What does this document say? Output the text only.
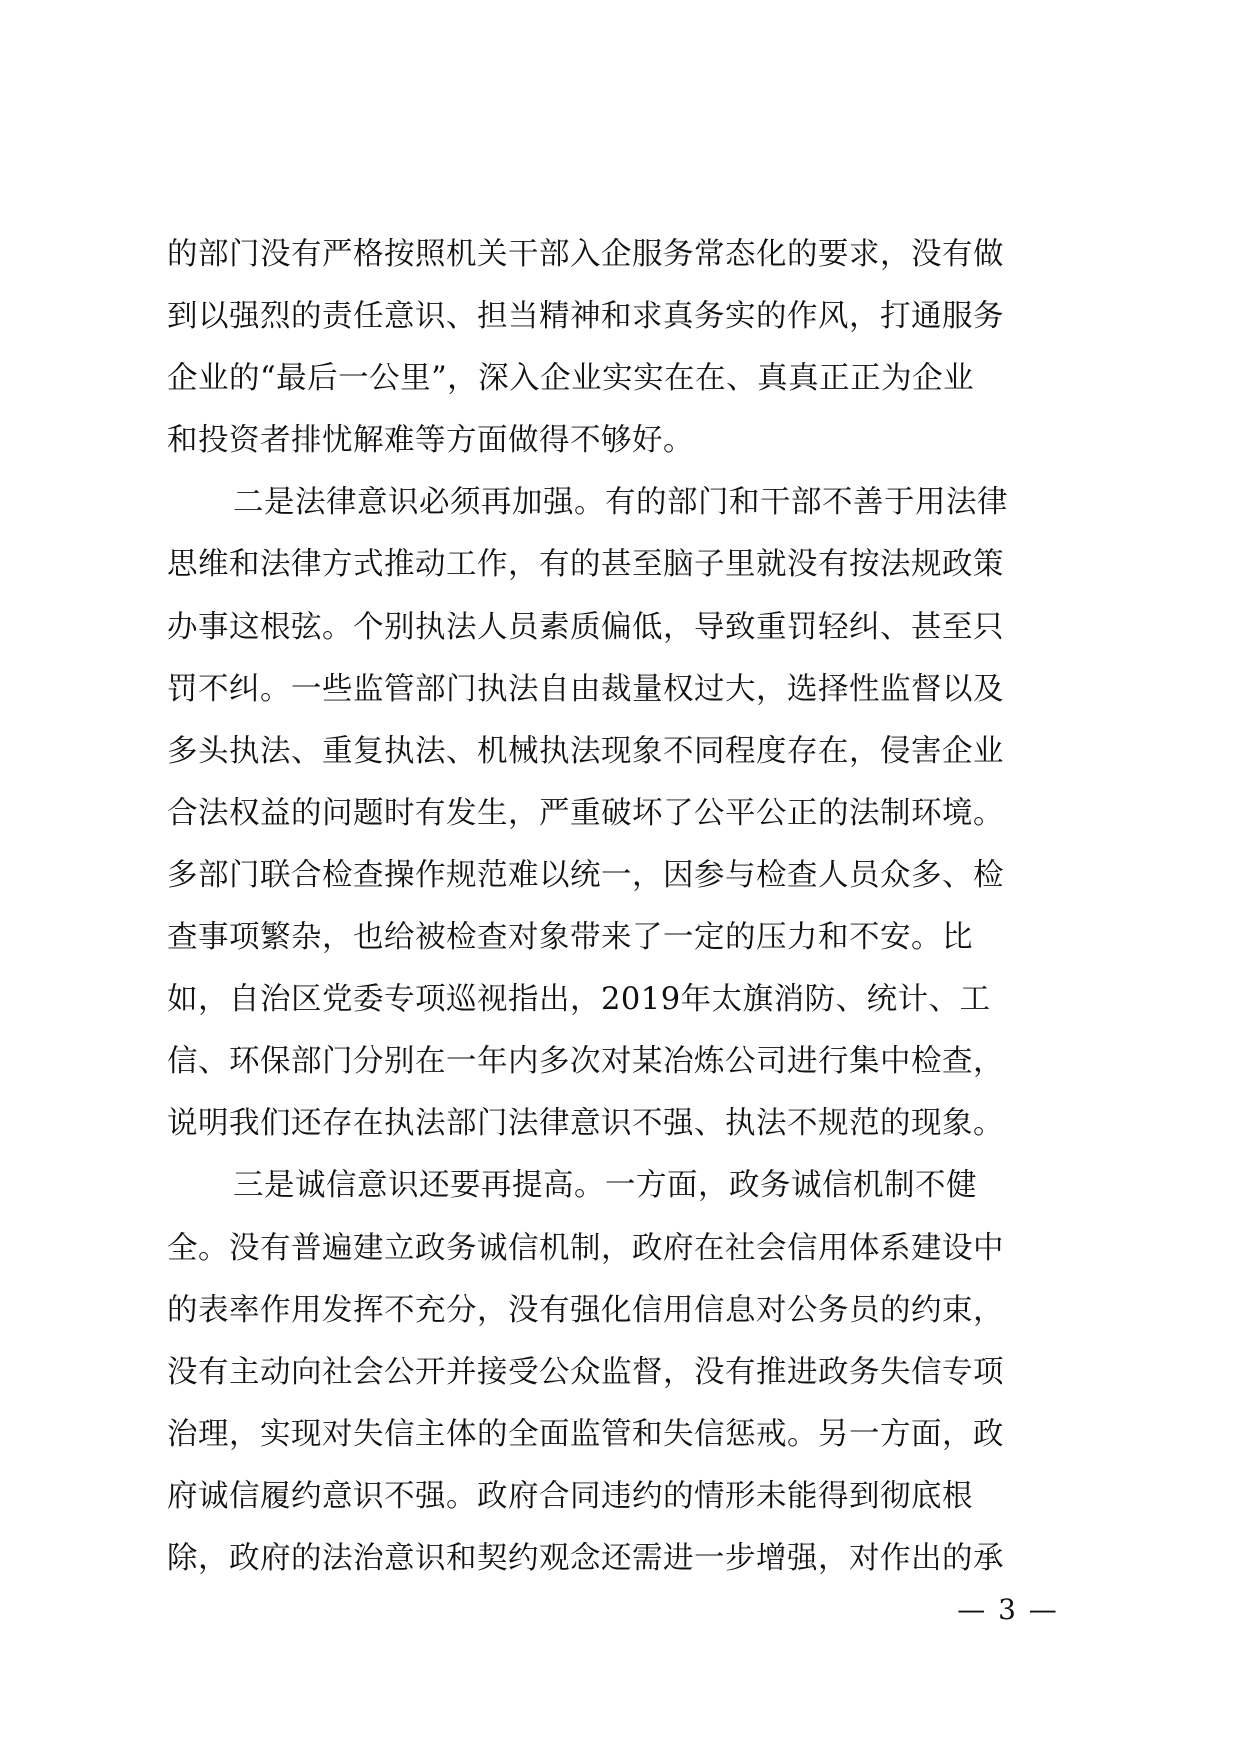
的部门没有严格按照机关干部入企服务常态化的要求，没有做
到以强烈的责任意识、担当精神和求真务实的作风，打通服务
企业的“最后一公里”，深入企业实实在在、真真正正为企业
和投资者排忧解难等方面做得不够好。
二是法律意识必须再加强。有的部门和干部不善于用法律
思维和法律方式推动工作，有的甚至脑子里就没有按法规政策
办事这根弦。个别执法人员素质偏低，导致重罚轻纠、甚至只
罚不纠。一些监管部门执法自由裁量权过大，选择性监督以及
多头执法、重复执法、机械执法现象不同程度存在，侵害企业
合法权益的问题时有发生，严重破坏了公平公正的法制环境。
多部门联合检查操作规范难以统一，因参与检查人员众多、检
查事项繁杂，也给被检查对象带来了一定的压力和不安。比
如，自治区党委专项巡视指出，2019年太旗消防、统计、工
信、环保部门分别在一年内多次对某冶炼公司进行集中检查，
说明我们还存在执法部门法律意识不强、执法不规范的现象。
三是诚信意识还要再提高。一方面，政务诚信机制不健
全。没有普遍建立政务诚信机制，政府在社会信用体系建设中
的表率作用发挥不充分，没有强化信用信息对公务员的约束，
没有主动向社会公开并接受公众监督，没有推进政务失信专项
治理，实现对失信主体的全面监管和失信惩戒。另一方面，政
府诚信履约意识不强。政府合同违约的情形未能得到彻底根
除，政府的法治意识和契约观念还需进一步增强，对作出的承
— 3 —
